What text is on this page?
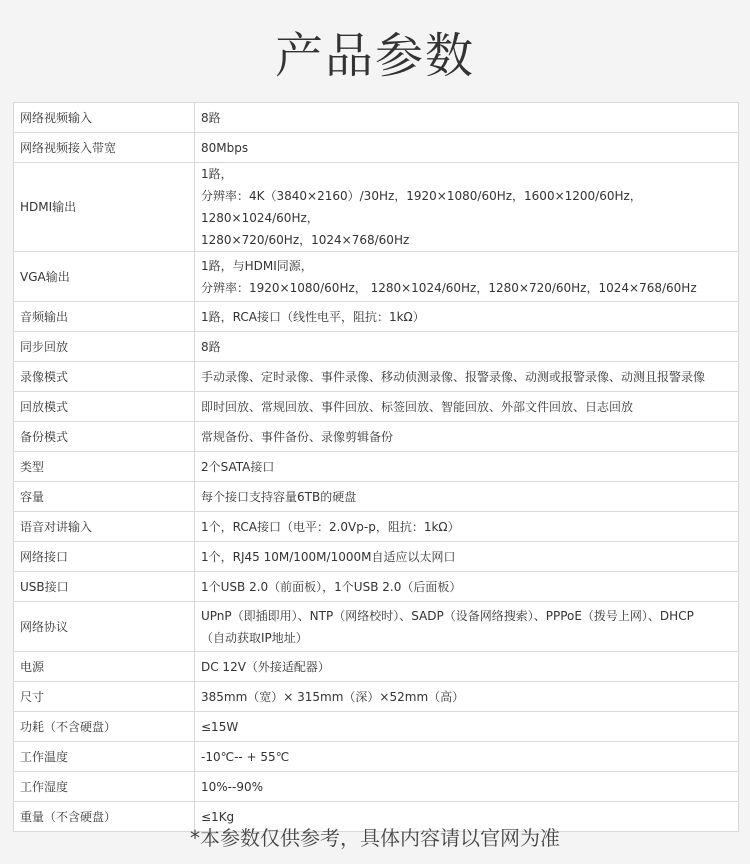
产品参数
网络视频输入	8路
网络视频接入带宽	80Mbps
HDMI输出	1路，
分辨率：4K（3840×2160）/30Hz，1920×1080/60Hz，1600×1200/60Hz，1280×1024/60Hz，
1280×720/60Hz，1024×768/60Hz
VGA输出	1路，与HDMI同源，
分辨率：1920×1080/60Hz， 1280×1024/60Hz，1280×720/60Hz，1024×768/60Hz
音频输出	1路，RCA接口（线性电平，阻抗：1kΩ）
同步回放	8路
录像模式	手动录像、定时录像、事件录像、移动侦测录像、报警录像、动测或报警录像、动测且报警录像
回放模式	即时回放、常规回放、事件回放、标签回放、智能回放、外部文件回放、日志回放
备份模式	常规备份、事件备份、录像剪辑备份
类型	2个SATA接口
容量	每个接口支持容量6TB的硬盘
语音对讲输入	1个，RCA接口（电平：2.0Vp-p，阻抗：1kΩ）
网络接口	1个，RJ45 10M/100M/1000M自适应以太网口
USB接口	1个USB 2.0（前面板），1个USB 2.0（后面板）
网络协议	UPnP（即插即用）、NTP（网络校时）、SADP（设备网络搜索）、PPPoE（拨号上网）、DHCP
（自动获取IP地址）
电源	DC 12V（外接适配器）
尺寸	385mm（宽）× 315mm（深）×52mm（高）
功耗（不含硬盘）	≤15W
工作温度	-10℃-- + 55℃
工作湿度	10%--90%
重量（不含硬盘）	≤1Kg
*本参数仅供参考，具体内容请以官网为准
